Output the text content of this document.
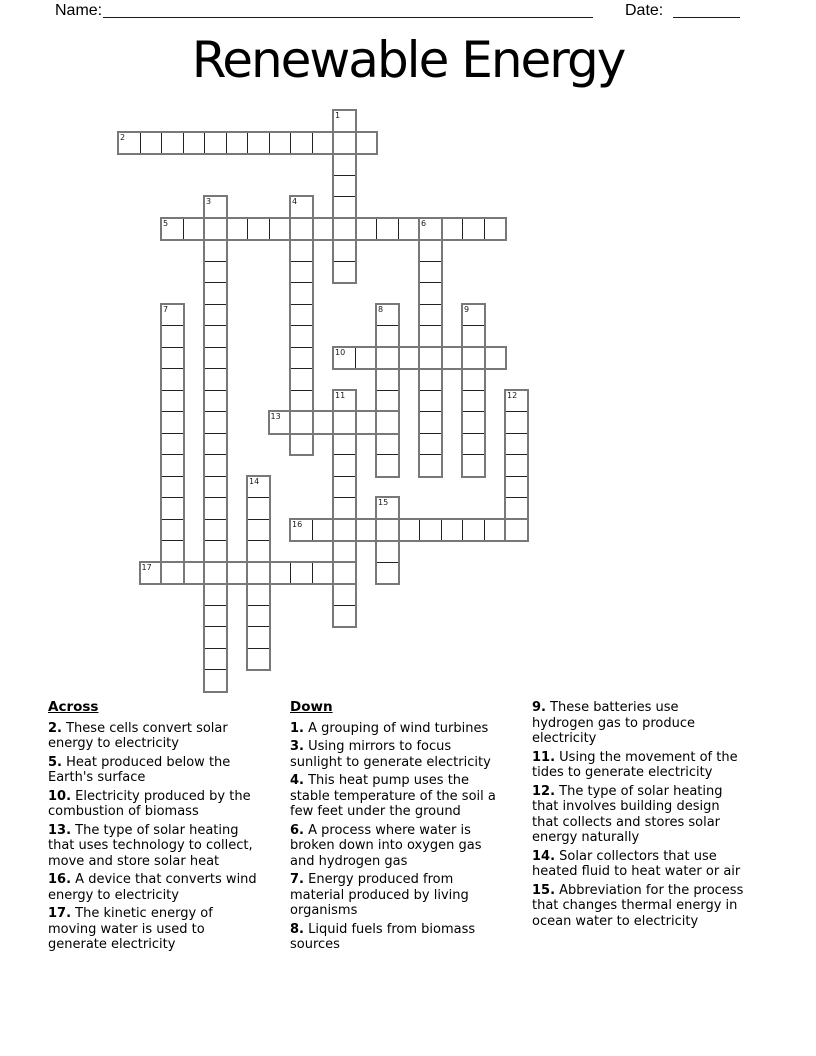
Name:	Date:
Renewable Energy
1
2
3	4
5	6
7	8	9
10
11	12
13
14
15
16
17
Across

2. These cells convert solar energy to electricity

5. Heat produced below the Earth's surface

10. Electricity produced by the combustion of biomass

13. The type of solar heating that uses technology to collect, move and store solar heat

16. A device that converts wind energy to electricity

17. The kinetic energy of moving water is used to generate electricity

Down

1. A grouping of wind turbines

3. Using mirrors to focus sunlight to generate electricity

4. This heat pump uses the stable temperature of the soil a few feet under the ground

6. A process where water is broken down into oxygen gas and hydrogen gas

7. Energy produced from material produced by living organisms

8. Liquid fuels from biomass sources

9. These batteries use hydrogen gas to produce electricity

11. Using the movement of the tides to generate electricity

12. The type of solar heating that involves building design that collects and stores solar energy naturally

14. Solar collectors that use heated fluid to heat water or air

15. Abbreviation for the process that changes thermal energy in ocean water to electricity
